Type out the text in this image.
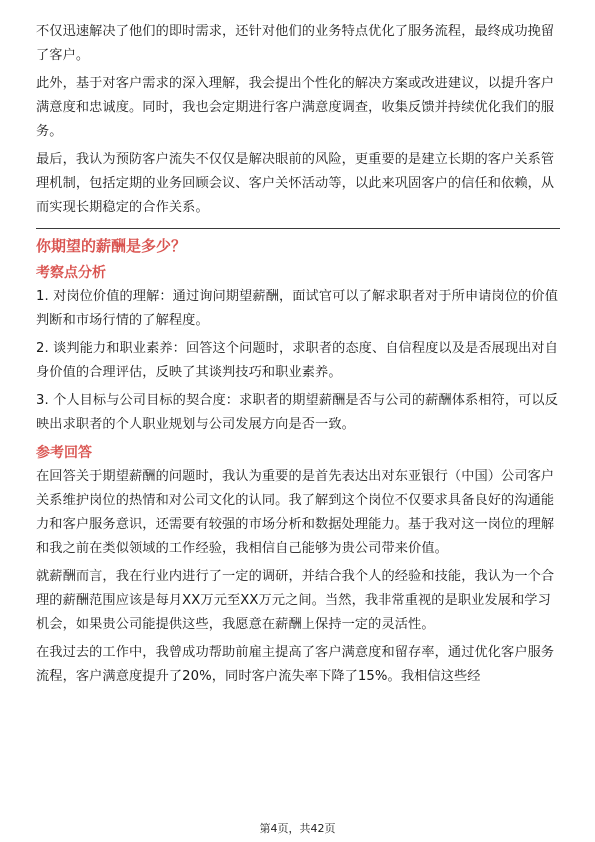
不仅迅速解决了他们的即时需求，还针对他们的业务特点优化了服务流程，最终成功挽留了客户。

此外，基于对客户需求的深入理解，我会提出个性化的解决方案或改进建议，以提升客户满意度和忠诚度。同时，我也会定期进行客户满意度调查，收集反馈并持续优化我们的服务。

最后，我认为预防客户流失不仅仅是解决眼前的风险，更重要的是建立长期的客户关系管理机制，包括定期的业务回顾会议、客户关怀活动等，以此来巩固客户的信任和依赖，从而实现长期稳定的合作关系。

你期望的薪酬是多少？
考察点分析

1. 对岗位价值的理解：通过询问期望薪酬，面试官可以了解求职者对于所申请岗位的价值判断和市场行情的了解程度。

2. 谈判能力和职业素养：回答这个问题时，求职者的态度、自信程度以及是否展现出对自身价值的合理评估，反映了其谈判技巧和职业素养。

3. 个人目标与公司目标的契合度：求职者的期望薪酬是否与公司的薪酬体系相符，可以反映出求职者的个人职业规划与公司发展方向是否一致。

参考回答

在回答关于期望薪酬的问题时，我认为重要的是首先表达出对东亚银行（中国）公司客户关系维护岗位的热情和对公司文化的认同。我了解到这个岗位不仅要求具备良好的沟通能力和客户服务意识，还需要有较强的市场分析和数据处理能力。基于我对这一岗位的理解和我之前在类似领域的工作经验，我相信自己能够为贵公司带来价值。

就薪酬而言，我在行业内进行了一定的调研，并结合我个人的经验和技能，我认为一个合理的薪酬范围应该是每月XX万元至XX万元之间。当然，我非常重视的是职业发展和学习机会，如果贵公司能提供这些，我愿意在薪酬上保持一定的灵活性。

在我过去的工作中，我曾成功帮助前雇主提高了客户满意度和留存率，通过优化客户服务流程，客户满意度提升了20%，同时客户流失率下降了15%。我相信这些经

第4页，共42页
